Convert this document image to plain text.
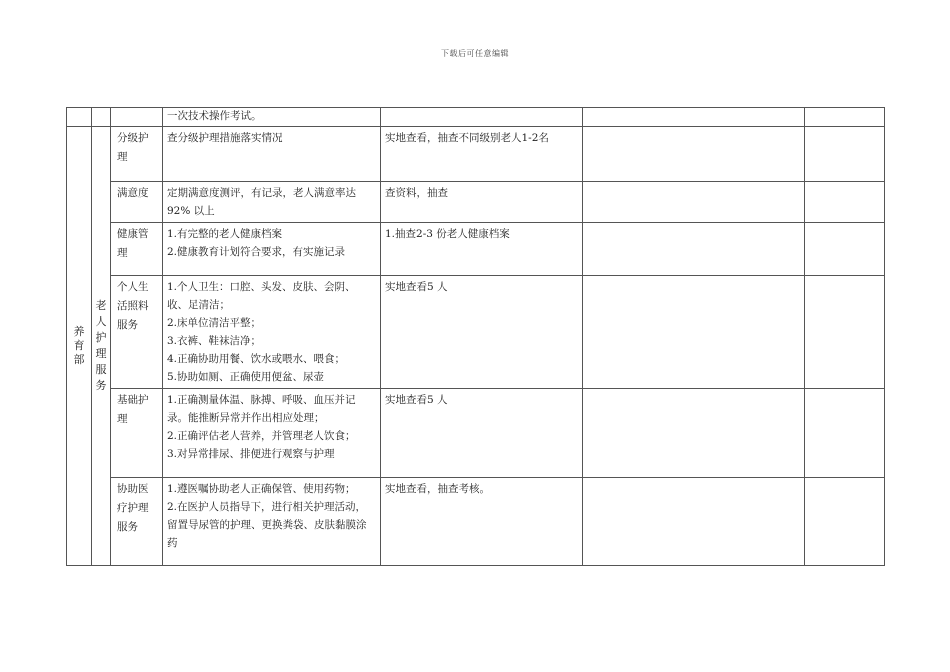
下载后可任意编辑
			一次技术操作考试。			
养育部	老人护理服务	分级护理	查分级护理措施落实情况	实地查看，抽查不同级别老人1-2名		
		满意度	定期满意度测评，有记录，老人满意率达92% 以上	查资料，抽查		
		健康管理	1.有完整的老人健康档案
2.健康教育计划符合要求，有实施记录	1.抽查2-3 份老人健康档案		
		个人生活照料服务	1.个人卫生：口腔、头发、皮肤、会阴、收、足清洁；
2.床单位清洁平整；
3.衣裤、鞋袜洁净；
4.正确协助用餐、饮水或喂水、喂食；
5.协助如厕、正确使用便盆、尿壶	实地查看5 人		
		基础护理	1.正确测量体温、脉搏、呼吸、血压并记录。能推断异常并作出相应处理；
2.正确评估老人营养，并管理老人饮食；
3.对异常排尿、排便进行观察与护理	实地查看5 人		
		协助医疗护理服务	1.遵医嘱协助老人正确保管、使用药物；
2.在医护人员指导下，进行相关护理活动，留置导尿管的护理、更换粪袋、皮肤黏膜涂药	实地查看，抽查考核。		
